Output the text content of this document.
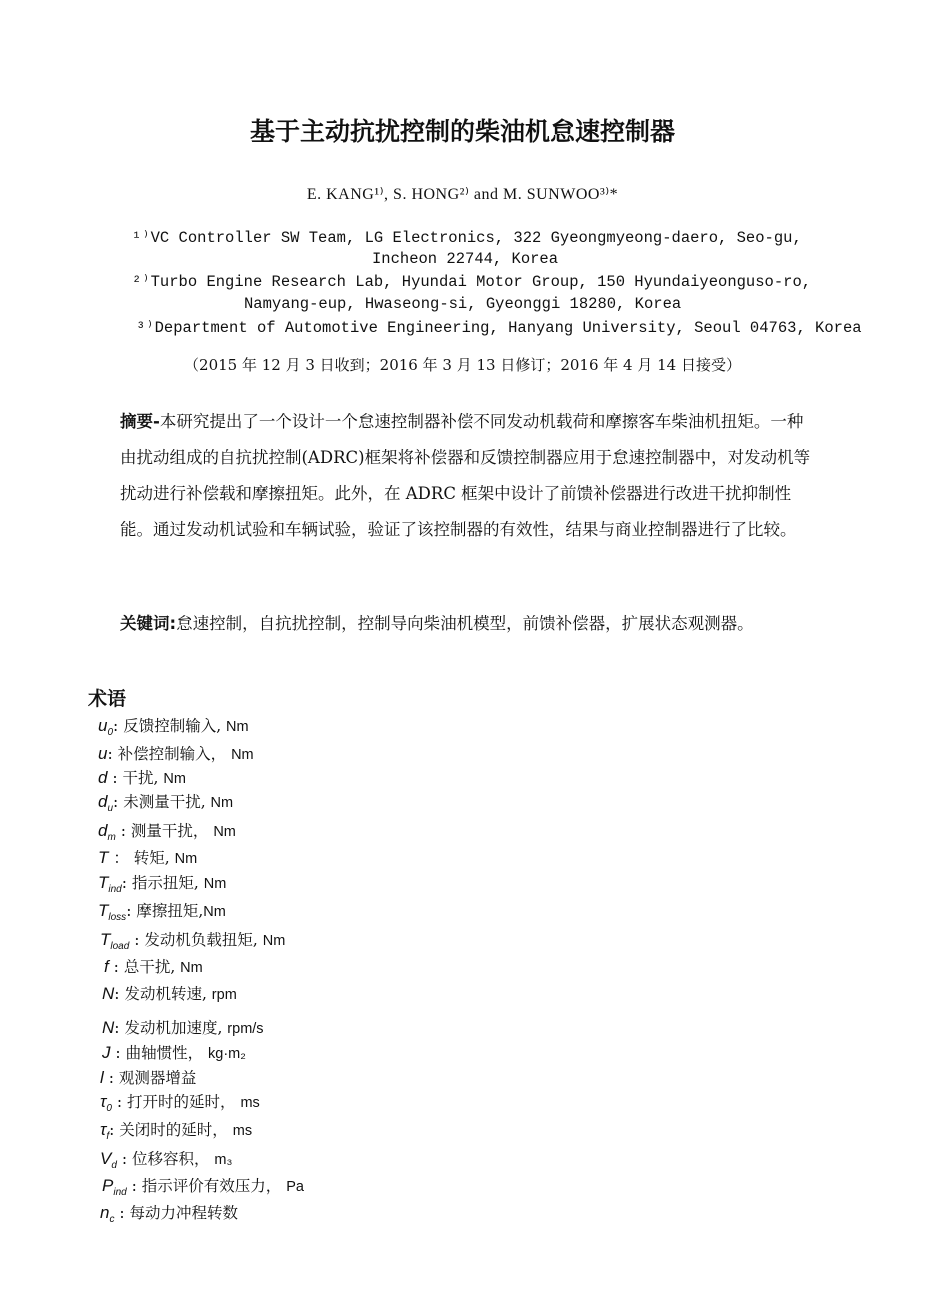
基于主动抗扰控制的柴油机怠速控制器
E. KANG¹⁾, S. HONG²⁾ and M. SUNWOO³⁾*
¹⁾VC Controller SW Team, LG Electronics, 322 Gyeongmyeong-daero, Seo-gu,
Incheon 22744, Korea
²⁾Turbo Engine Research Lab, Hyundai Motor Group, 150 Hyundaiyeonguso-ro,
Namyang-eup, Hwaseong-si, Gyeonggi 18280, Korea
³⁾Department of Automotive Engineering, Hanyang University, Seoul 04763, Korea
（2015 年 12 月 3 日收到；2016 年 3 月 13 日修订；2016 年 4 月 14 日接受）
摘要-本研究提出了一个设计一个怠速控制器补偿不同发动机载荷和摩擦客车柴油机扭矩。一种由扰动组成的自抗扰控制(ADRC)框架将补偿器和反馈控制器应用于怠速控制器中，对发动机等扰动进行补偿载和摩擦扭矩。此外，在 ADRC 框架中设计了前馈补偿器进行改进干扰抑制性能。通过发动机试验和车辆试验，验证了该控制器的有效性，结果与商业控制器进行了比较。
关键词:怠速控制，自抗扰控制，控制导向柴油机模型，前馈补偿器，扩展状态观测器。
术语
$u_0$: 反馈控制输入, Nm
u: 补偿控制输入， Nm
d : 干扰, Nm
$d_u$: 未测量干扰, Nm
$d_m$ : 测量干扰， Nm
T ： 转矩, Nm
$T_{ind}$: 指示扭矩, Nm
$T_{loss}$: 摩擦扭矩,Nm
$T_{load}$ : 发动机负载扭矩, Nm
f : 总干扰, Nm
N: 发动机转速, rpm
N: 发动机加速度, rpm/s
J : 曲轴惯性， kg·m₂
l : 观测器增益
$\tau_0$ : 打开时的延时， ms
$\tau_f$: 关闭时的延时， ms
$V_d$ : 位移容积， m₃
$P_{ind}$ : 指示评价有效压力， Pa
$n_c$ : 每动力冲程转数
